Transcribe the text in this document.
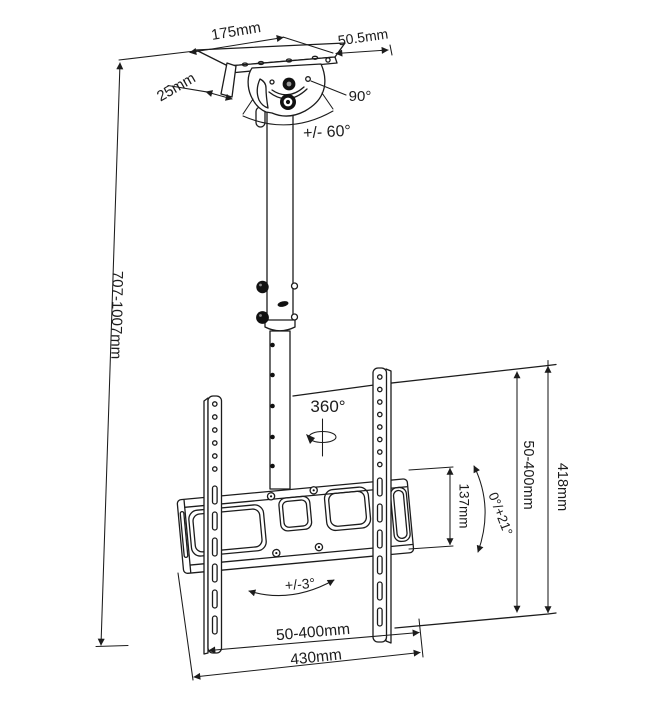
175mm	50.5mm
25mm	90°
+/- 60°
707-1007mm
360°
50-400mm 418mm
137mm 0°/+21°
+/-3°
50-400mm
430mm
